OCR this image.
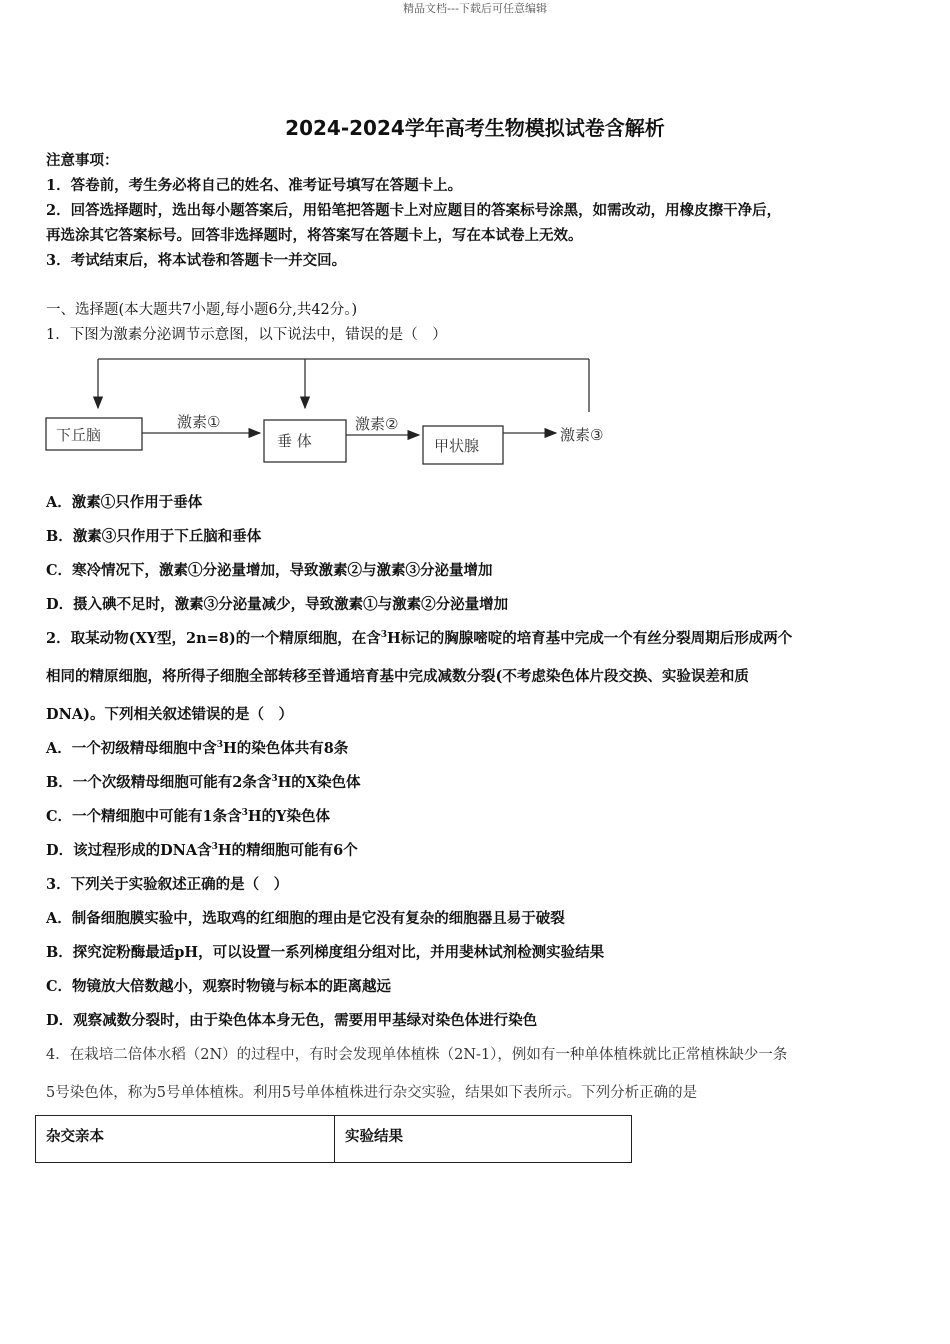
精品文档---下载后可任意编辑
2024-2024学年高考生物模拟试卷含解析
注意事项：
1．答卷前，考生务必将自己的姓名、准考证号填写在答题卡上。
2．回答选择题时，选出每小题答案后，用铅笔把答题卡上对应题目的答案标号涂黑，如需改动，用橡皮擦干净后，
再选涂其它答案标号。回答非选择题时，将答案写在答题卡上，写在本试卷上无效。
3．考试结束后，将本试卷和答题卡一并交回。
一、选择题(本大题共7小题,每小题6分,共42分。)
1．下图为激素分泌调节示意图，以下说法中，错误的是（　）
下丘脑	垂 体	甲状腺
激素①	激素②
激素③
A．激素①只作用于垂体
B．激素③只作用于下丘脑和垂体
C．寒冷情况下，激素①分泌量增加，导致激素②与激素③分泌量增加
D．摄入碘不足时，激素③分泌量减少，导致激素①与激素②分泌量增加
2．取某动物(XY型，2n=8)的一个精原细胞，在含$^3$H标记的胸腺嘧啶的培育基中完成一个有丝分裂周期后形成两个
相同的精原细胞，将所得子细胞全部转移至普通培育基中完成减数分裂(不考虑染色体片段交换、实验误差和质
DNA)。下列相关叙述错误的是（　）
A．一个初级精母细胞中含$^3$H的染色体共有8条
B．一个次级精母细胞可能有2条含$^3$H的X染色体
C．一个精细胞中可能有1条含$^3$H的Y染色体
D．该过程形成的DNA含$^3$H的精细胞可能有6个
3．下列关于实验叙述正确的是（　）
A．制备细胞膜实验中，选取鸡的红细胞的理由是它没有复杂的细胞器且易于破裂
B．探究淀粉酶最适pH，可以设置一系列梯度组分组对比，并用斐林试剂检测实验结果
C．物镜放大倍数越小，观察时物镜与标本的距离越远
D．观察减数分裂时，由于染色体本身无色，需要用甲基绿对染色体进行染色
4．在栽培二倍体水稻（2N）的过程中，有时会发现单体植株（2N-1），例如有一种单体植株就比正常植株缺少一条
5号染色体，称为5号单体植株。利用5号单体植株进行杂交实验，结果如下表所示。下列分析正确的是
杂交亲本	实验结果
